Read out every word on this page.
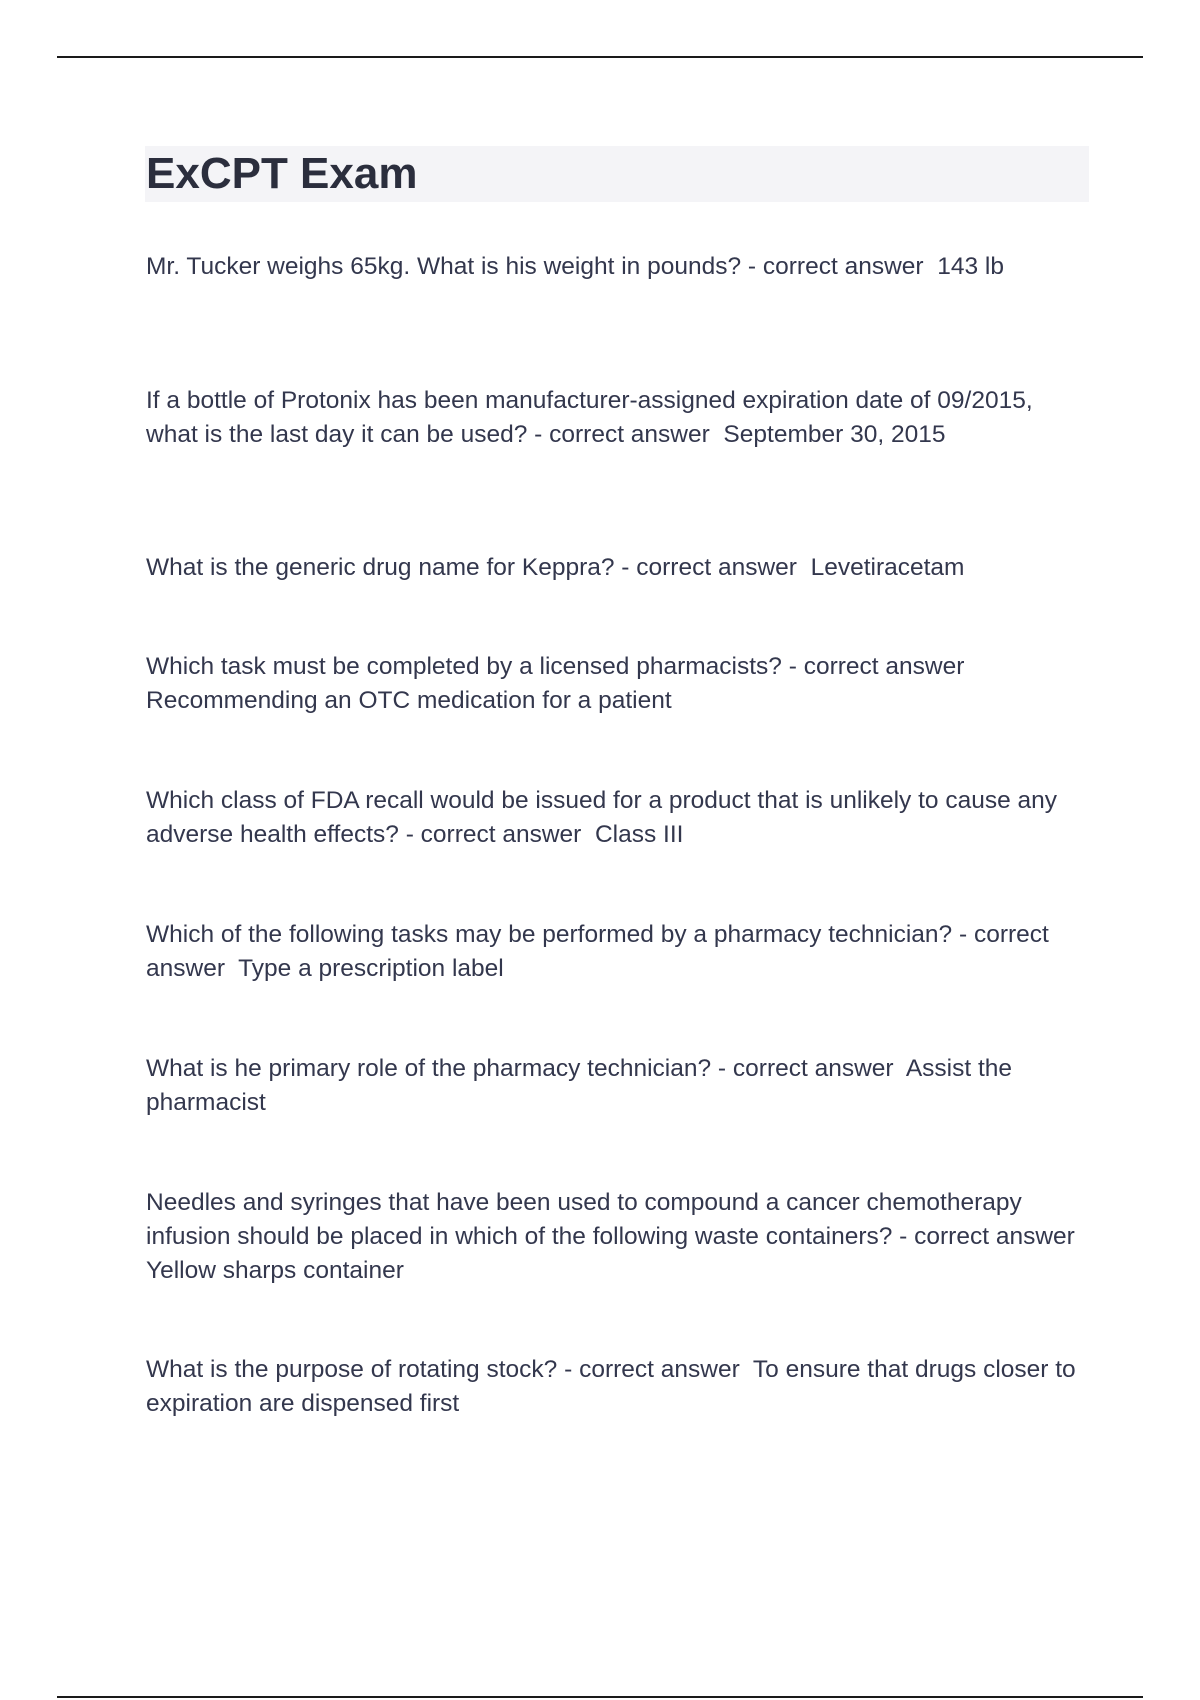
ExCPT Exam

Mr. Tucker weighs 65kg. What is his weight in pounds? - correct answer 143 lb

If a bottle of Protonix has been manufacturer-assigned expiration date of 09/2015, what is the last day it can be used? - correct answer September 30, 2015

What is the generic drug name for Keppra? - correct answer Levetiracetam

Which task must be completed by a licensed pharmacists? - correct answer  Recommending an OTC medication for a patient

Which class of FDA recall would be issued for a product that is unlikely to cause any adverse health effects? - correct answer Class III

Which of the following tasks may be performed by a pharmacy technician? - correct answer Type a prescription label

What is he primary role of the pharmacy technician? - correct answer Assist the pharmacist

Needles and syringes that have been used to compound a cancer chemotherapy infusion should be placed in which of the following waste containers? - correct answer  Yellow sharps container

What is the purpose of rotating stock? - correct answer To ensure that drugs closer to expiration are dispensed first
